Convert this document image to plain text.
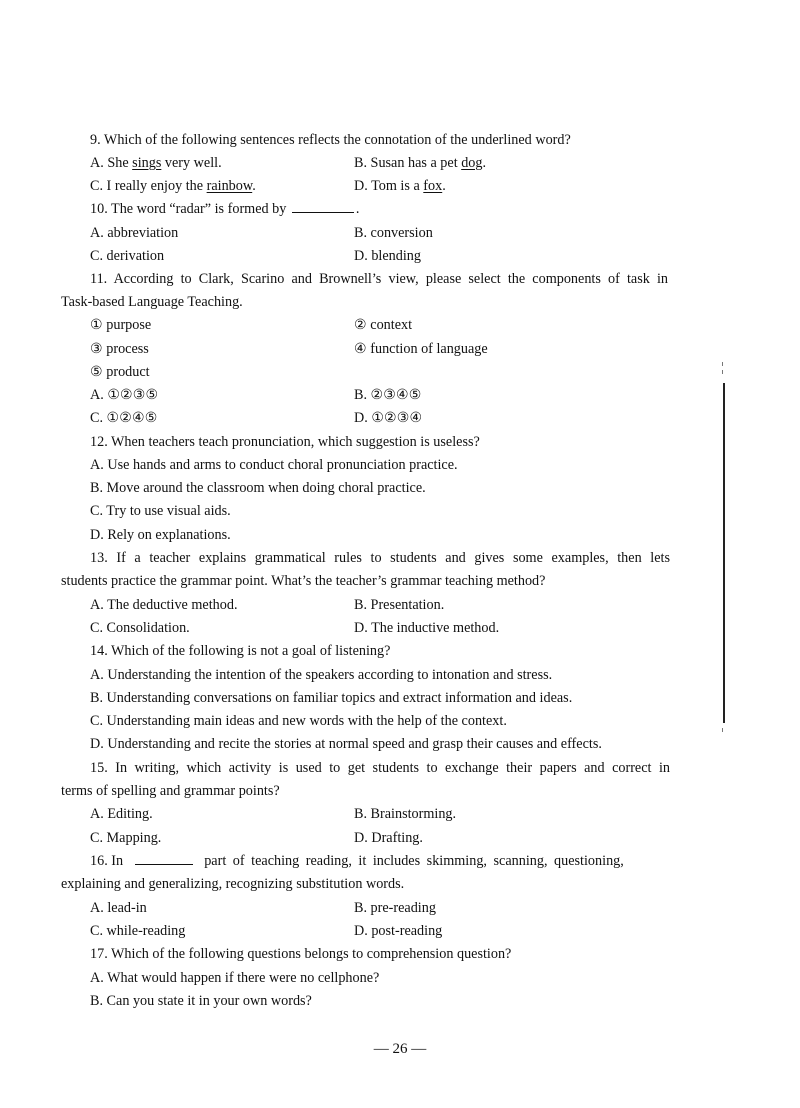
9. Which of the following sentences reflects the connotation of the underlined word?
A. She sings very well.	B. Susan has a pet dog.
C. I really enjoy the rainbow.	D. Tom is a fox.
10. The word “radar” is formed by	.
A. abbreviation	B. conversion
C. derivation	D. blending
11. According to Clark, Scarino and Brownell’s view, please select the components of task in
Task-based Language Teaching.
① purpose	② context
③ process	④ function of language
⑤ product
A. ①②③⑤	B. ②③④⑤
C. ①②④⑤	D. ①②③④
12. When teachers teach pronunciation, which suggestion is useless?
A. Use hands and arms to conduct choral pronunciation practice.
B. Move around the classroom when doing choral practice.
C. Try to use visual aids.
D. Rely on explanations.
13. If a teacher explains grammatical rules to students and gives some examples, then lets
students practice the grammar point. What’s the teacher’s grammar teaching method?
A. The deductive method.	B. Presentation.
C. Consolidation.	D. The inductive method.
14. Which of the following is not a goal of listening?
A. Understanding the intention of the speakers according to intonation and stress.
B. Understanding conversations on familiar topics and extract information and ideas.
C. Understanding main ideas and new words with the help of the context.
D. Understanding and recite the stories at normal speed and grasp their causes and effects.
15. In writing, which activity is used to get students to exchange their papers and correct in
terms of spelling and grammar points?
A. Editing.	B. Brainstorming.
C. Mapping.	D. Drafting.
16. In	part of teaching reading, it includes skimming, scanning, questioning,
explaining and generalizing, recognizing substitution words.
A. lead-in	B. pre-reading
C. while-reading	D. post-reading
17. Which of the following questions belongs to comprehension question?
A. What would happen if there were no cellphone?
B. Can you state it in your own words?
— 26 —
